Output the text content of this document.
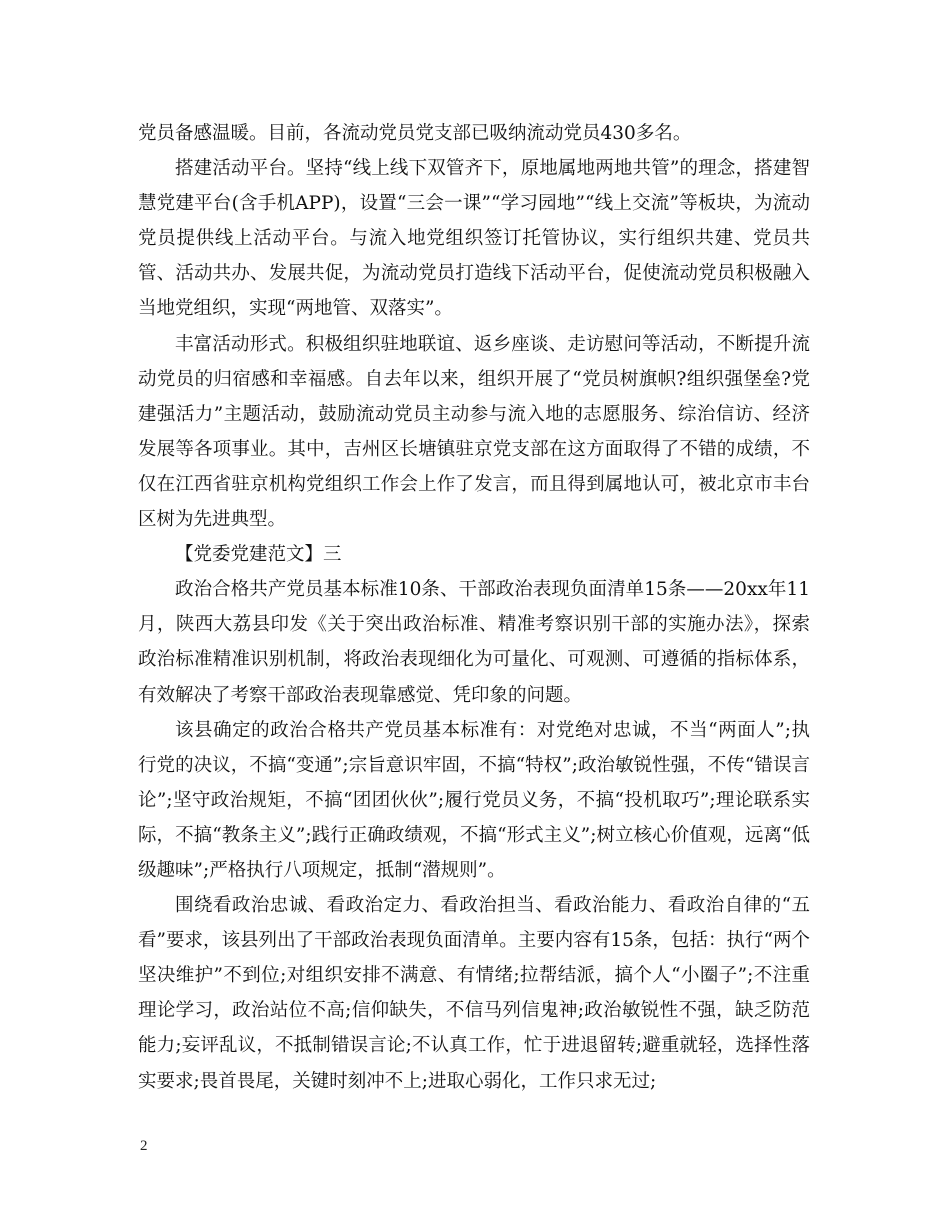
党员备感温暖。目前，各流动党员党支部已吸纳流动党员430多名。

搭建活动平台。坚持“线上线下双管齐下，原地属地两地共管”的理念，搭建智慧党建平台(含手机APP)，设置“三会一课”“学习园地”“线上交流”等板块，为流动党员提供线上活动平台。与流入地党组织签订托管协议，实行组织共建、党员共管、活动共办、发展共促，为流动党员打造线下活动平台，促使流动党员积极融入当地党组织，实现“两地管、双落实”。

丰富活动形式。积极组织驻地联谊、返乡座谈、走访慰问等活动，不断提升流动党员的归宿感和幸福感。自去年以来，组织开展了“党员树旗帜?组织强堡垒?党建强活力”主题活动，鼓励流动党员主动参与流入地的志愿服务、综治信访、经济发展等各项事业。其中，吉州区长塘镇驻京党支部在这方面取得了不错的成绩，不仅在江西省驻京机构党组织工作会上作了发言，而且得到属地认可，被北京市丰台区树为先进典型。

【党委党建范文】三

政治合格共产党员基本标准10条、干部政治表现负面清单15条——20xx年11月，陕西大荔县印发《关于突出政治标准、精准考察识别干部的实施办法》，探索政治标准精准识别机制，将政治表现细化为可量化、可观测、可遵循的指标体系，有效解决了考察干部政治表现靠感觉、凭印象的问题。

该县确定的政治合格共产党员基本标准有：对党绝对忠诚，不当“两面人”;执行党的决议，不搞“变通”;宗旨意识牢固，不搞“特权”;政治敏锐性强，不传“错误言论”;坚守政治规矩，不搞“团团伙伙”;履行党员义务，不搞“投机取巧”;理论联系实际，不搞“教条主义”;践行正确政绩观，不搞“形式主义”;树立核心价值观，远离“低级趣味”;严格执行八项规定，抵制“潜规则”。

围绕看政治忠诚、看政治定力、看政治担当、看政治能力、看政治自律的“五看”要求，该县列出了干部政治表现负面清单。主要内容有15条，包括：执行“两个坚决维护”不到位;对组织安排不满意、有情绪;拉帮结派，搞个人“小圈子”;不注重理论学习，政治站位不高;信仰缺失，不信马列信鬼神;政治敏锐性不强，缺乏防范能力;妄评乱议，不抵制错误言论;不认真工作，忙于进退留转;避重就轻，选择性落实要求;畏首畏尾，关键时刻冲不上;进取心弱化，工作只求无过;

2
